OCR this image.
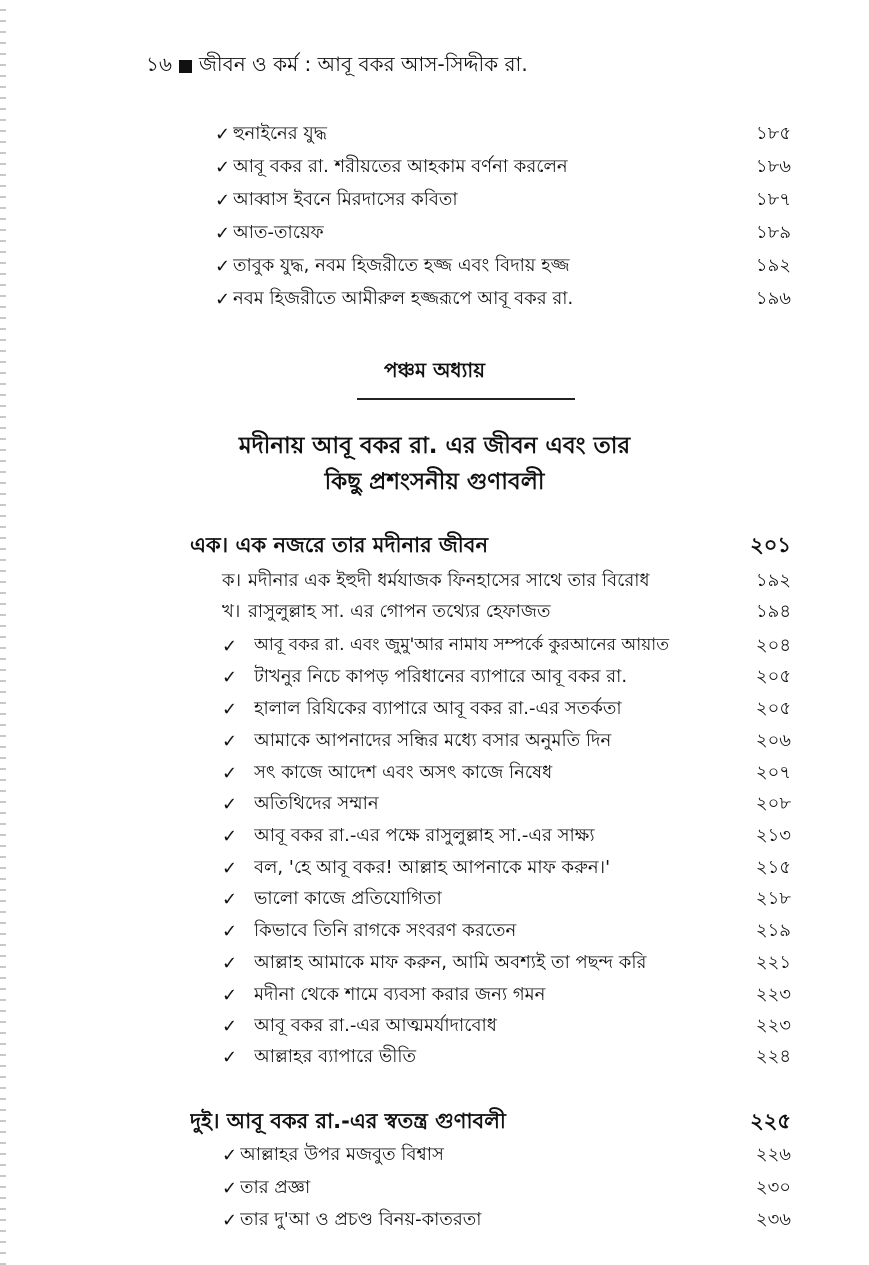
১৬ জীবন ও কর্ম : আবূ বকর আস-সিদ্দীক রা.
✓ হুনাইনের যুদ্ধ	১৮৫
✓ আবূ বকর রা. শরীয়তের আহকাম বর্ণনা করলেন	১৮৬
✓ আব্বাস ইবনে মিরদাসের কবিতা	১৮৭
✓ আত-তায়েফ	১৮৯
✓ তাবুক যুদ্ধ, নবম হিজরীতে হজ্জ এবং বিদায় হজ্জ	১৯২
✓ নবম হিজরীতে আমীরুল হজ্জরূপে আবূ বকর রা.	১৯৬
পঞ্চম অধ্যায়
মদীনায় আবূ বকর রা. এর জীবন এবং তার
কিছু প্রশংসনীয় গুণাবলী
এক। এক নজরে তার মদীনার জীবন	২০১
ক। মদীনার এক ইহুদী ধর্মযাজক ফিনহাসের সাথে তার বিরোধ	১৯২
খ। রাসুলুল্লাহ সা. এর গোপন তথ্যের হেফাজত	১৯৪
✓ আবূ বকর রা. এবং জুমু'আর নামায সম্পর্কে কুরআনের আয়াত	২০৪
✓ টাখনুর নিচে কাপড় পরিধানের ব্যাপারে আবূ বকর রা.	২০৫
✓ হালাল রিযিকের ব্যাপারে আবূ বকর রা.-এর সতর্কতা	২০৫
✓ আমাকে আপনাদের সন্ধির মধ্যে বসার অনুমতি দিন	২০৬
✓ সৎ কাজে আদেশ এবং অসৎ কাজে নিষেধ	২০৭
✓ অতিথিদের সম্মান	২০৮
✓ আবূ বকর রা.-এর পক্ষে রাসুলুল্লাহ সা.-এর সাক্ষ্য	২১৩
✓ বল, 'হে আবূ বকর! আল্লাহ আপনাকে মাফ করুন।'	২১৫
✓ ভালো কাজে প্রতিযোগিতা	২১৮
✓ কিভাবে তিনি রাগকে সংবরণ করতেন	২১৯
✓ আল্লাহ আমাকে মাফ করুন, আমি অবশ্যই তা পছন্দ করি	২২১
✓ মদীনা থেকে শামে ব্যবসা করার জন্য গমন	২২৩
✓ আবূ বকর রা.-এর আত্মমর্যাদাবোধ	২২৩
✓ আল্লাহর ব্যাপারে ভীতি	২২৪
দুই। আবূ বকর রা.-এর স্বতন্ত্র গুণাবলী	২২৫
✓ আল্লাহর উপর মজবুত বিশ্বাস	২২৬
✓ তার প্রজ্ঞা	২৩০
✓ তার দু'আ ও প্রচণ্ড বিনয়-কাতরতা	২৩৬
